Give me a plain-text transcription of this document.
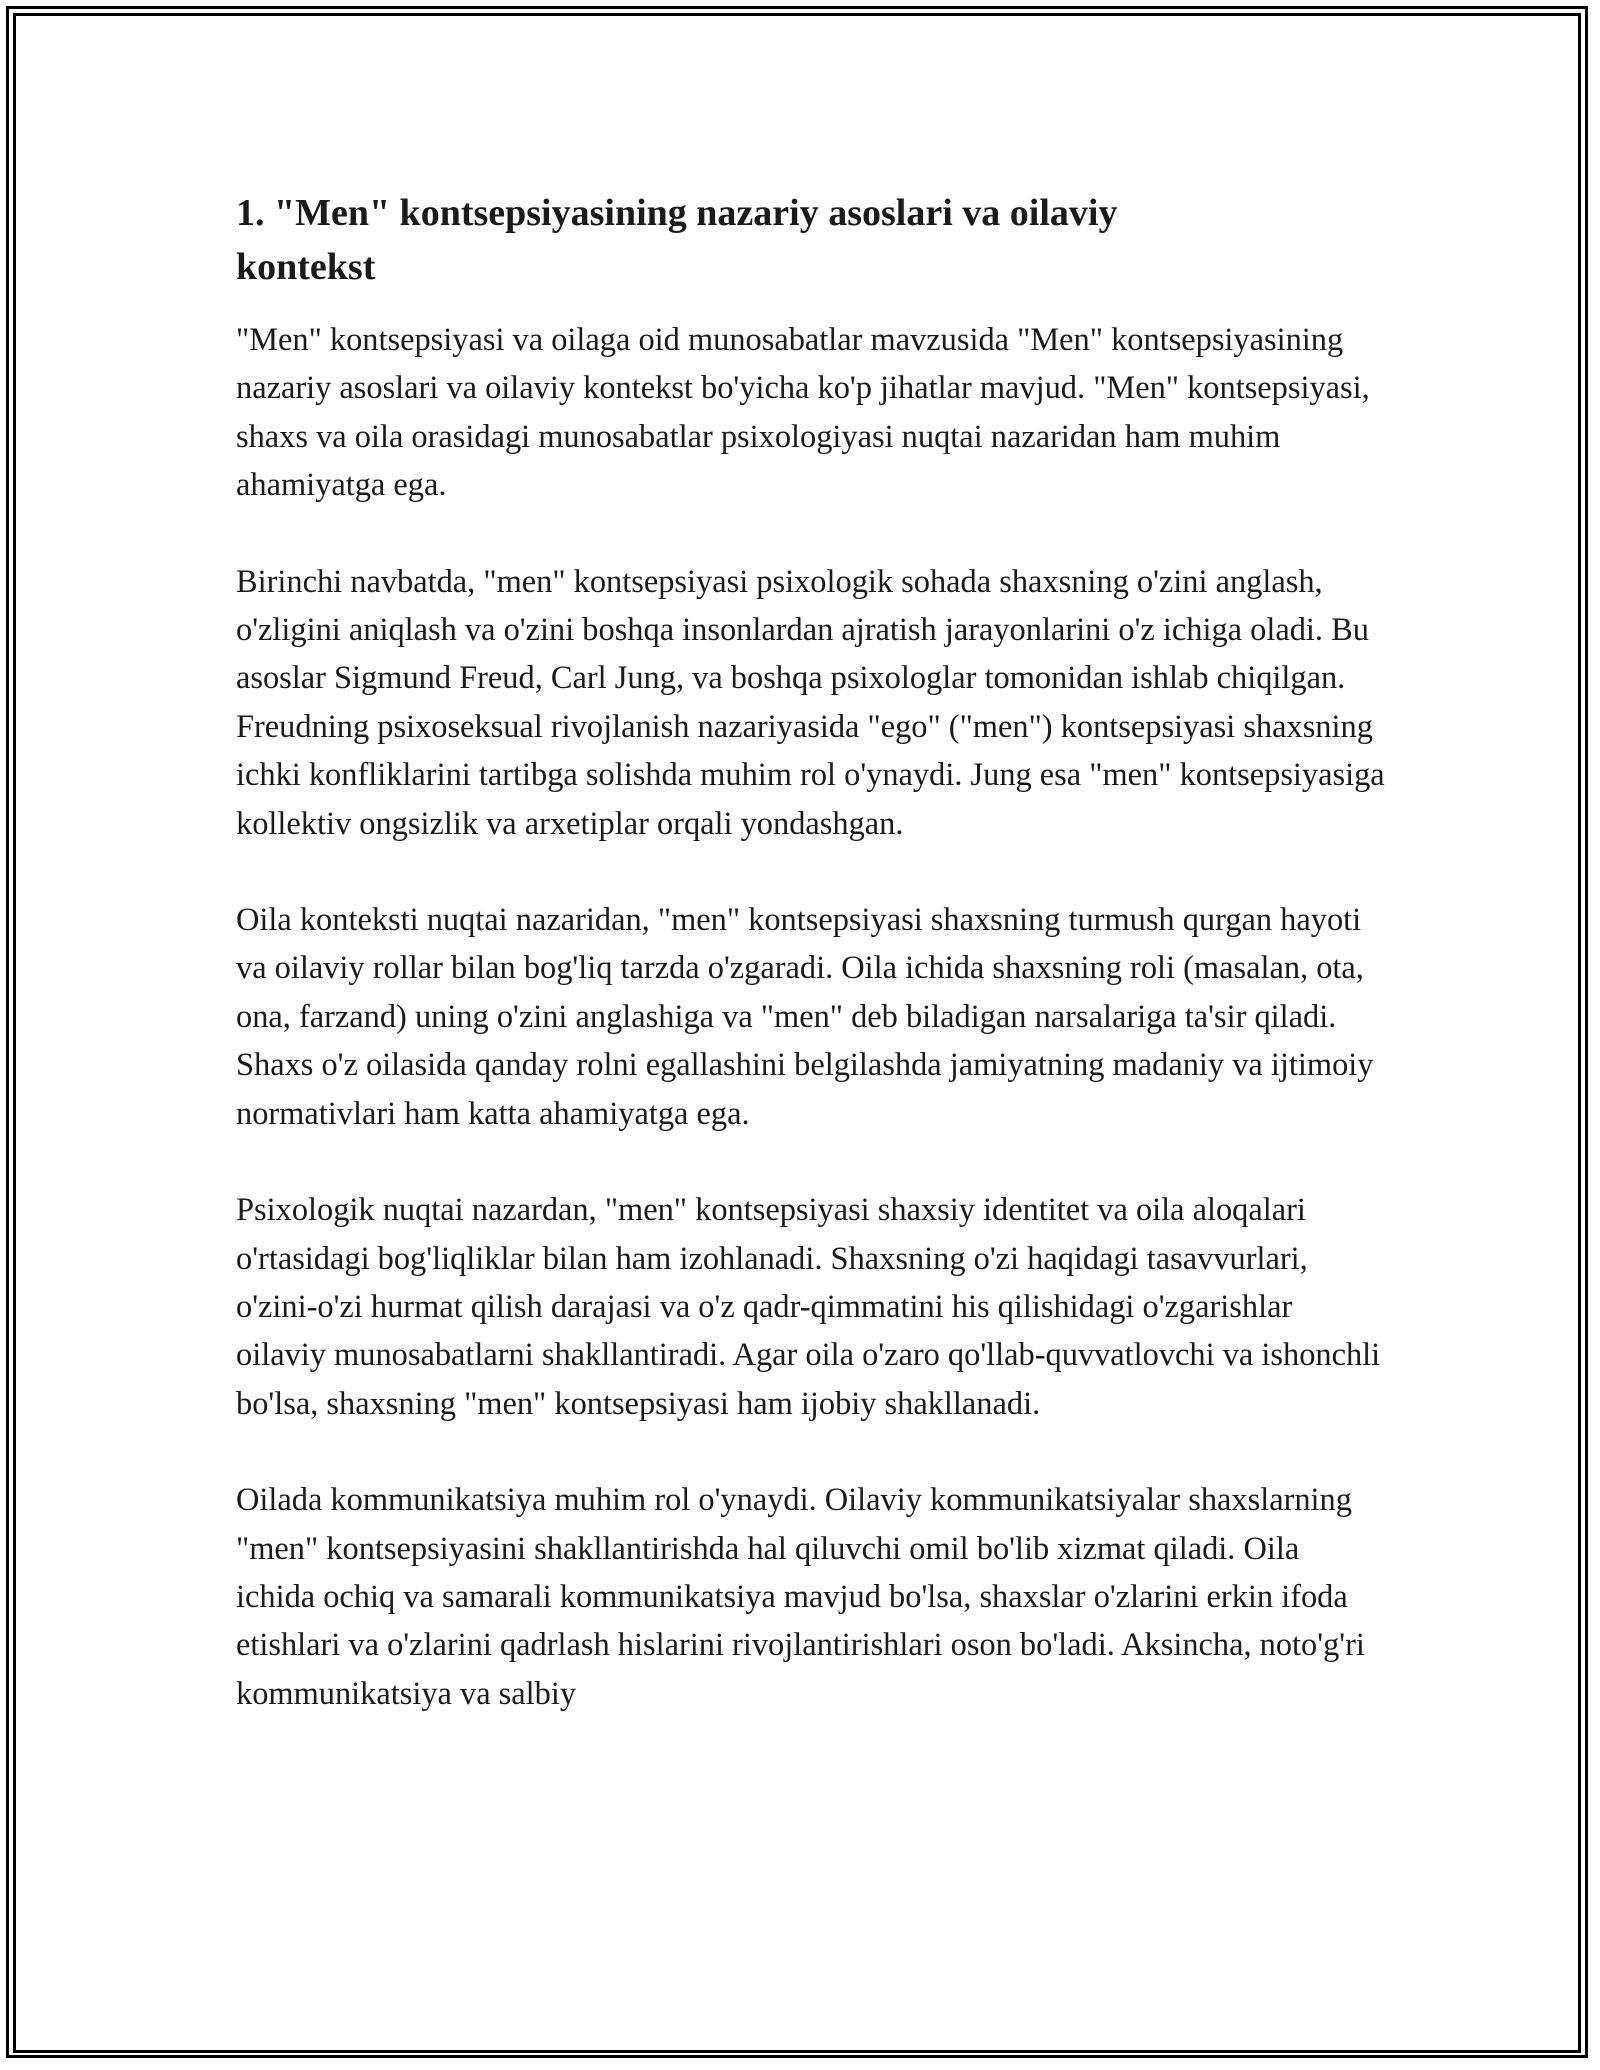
1. "Men" kontsepsiyasining nazariy asoslari va oilaviy kontekst

"Men" kontsepsiyasi va oilaga oid munosabatlar mavzusida "Men" kontsepsiyasining nazariy asoslari va oilaviy kontekst bo'yicha ko'p jihatlar mavjud. "Men" kontsepsiyasi, shaxs va oila orasidagi munosabatlar psixologiyasi nuqtai nazaridan ham muhim ahamiyatga ega.

Birinchi navbatda, "men" kontsepsiyasi psixologik sohada shaxsning o'zini anglash, o'zligini aniqlash va o'zini boshqa insonlardan ajratish jarayonlarini o'z ichiga oladi. Bu asoslar Sigmund Freud, Carl Jung, va boshqa psixologlar tomonidan ishlab chiqilgan. Freudning psixoseksual rivojlanish nazariyasida "ego" ("men") kontsepsiyasi shaxsning ichki konfliklarini tartibga solishda muhim rol o'ynaydi. Jung esa "men" kontsepsiyasiga kollektiv ongsizlik va arxetiplar orqali yondashgan.

Oila konteksti nuqtai nazaridan, "men" kontsepsiyasi shaxsning turmush qurgan hayoti va oilaviy rollar bilan bog'liq tarzda o'zgaradi. Oila ichida shaxsning roli (masalan, ota, ona, farzand) uning o'zini anglashiga va "men" deb biladigan narsalariga ta'sir qiladi. Shaxs o'z oilasida qanday rolni egallashini belgilashda jamiyatning madaniy va ijtimoiy normativlari ham katta ahamiyatga ega.

Psixologik nuqtai nazardan, "men" kontsepsiyasi shaxsiy identitet va oila aloqalari o'rtasidagi bog'liqliklar bilan ham izohlanadi. Shaxsning o'zi haqidagi tasavvurlari, o'zini-o'zi hurmat qilish darajasi va o'z qadr-qimmatini his qilishidagi o'zgarishlar oilaviy munosabatlarni shakllantiradi. Agar oila o'zaro qo'llab-quvvatlovchi va ishonchli bo'lsa, shaxsning "men" kontsepsiyasi ham ijobiy shakllanadi.

Oilada kommunikatsiya muhim rol o'ynaydi. Oilaviy kommunikatsiyalar shaxslarning "men" kontsepsiyasini shakllantirishda hal qiluvchi omil bo'lib xizmat qiladi. Oila ichida ochiq va samarali kommunikatsiya mavjud bo'lsa, shaxslar o'zlarini erkin ifoda etishlari va o'zlarini qadrlash hislarini rivojlantirishlari oson bo'ladi. Aksincha, noto'g'ri kommunikatsiya va salbiy
